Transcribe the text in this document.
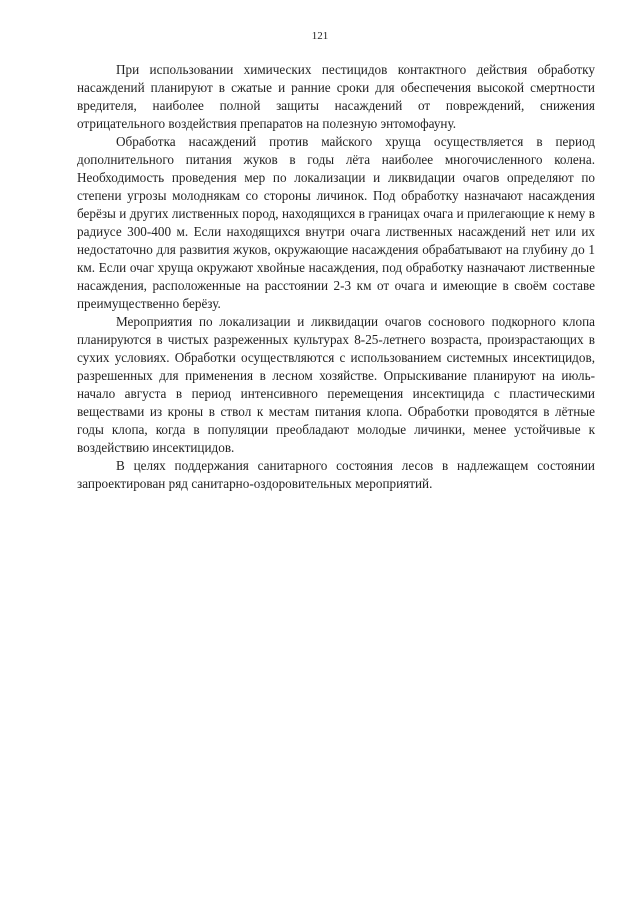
121

При использовании химических пестицидов контактного действия обработку насаждений планируют в сжатые и ранние сроки для обеспечения высокой смертности вредителя, наиболее полной защиты насаждений от повреждений, снижения отрицательного воздействия препаратов на полезную энтомофауну.

Обработка насаждений против майского хруща осуществляется в период дополнительного питания жуков в годы лёта наиболее многочисленного колена. Необходимость проведения мер по локализации и ликвидации очагов определяют по степени угрозы молоднякам со стороны личинок. Под обработку назначают насаждения берёзы и других лиственных пород, находящихся в границах очага и прилегающие к нему в радиусе 300-400 м. Если находящихся внутри очага лиственных насаждений нет или их недостаточно для развития жуков, окружающие насаждения обрабатывают на глубину до 1 км. Если очаг хруща окружают хвойные насаждения, под обработку назначают лиственные насаждения, расположенные на расстоянии 2-3 км от очага и имеющие в своём составе преимущественно берёзу.

Мероприятия по локализации и ликвидации очагов соснового подкорного клопа планируются в чистых разреженных культурах 8-25-летнего возраста, произрастающих в сухих условиях. Обработки осуществляются с использованием системных инсектицидов, разрешенных для применения в лесном хозяйстве. Опрыскивание планируют на июль-начало августа в период интенсивного перемещения инсектицида с пластическими веществами из кроны в ствол к местам питания клопа. Обработки проводятся в лётные годы клопа, когда в популяции преобладают молодые личинки, менее устойчивые к воздействию инсектицидов.

В целях поддержания санитарного состояния лесов в надлежащем состоянии запроектирован ряд санитарно-оздоровительных мероприятий.
